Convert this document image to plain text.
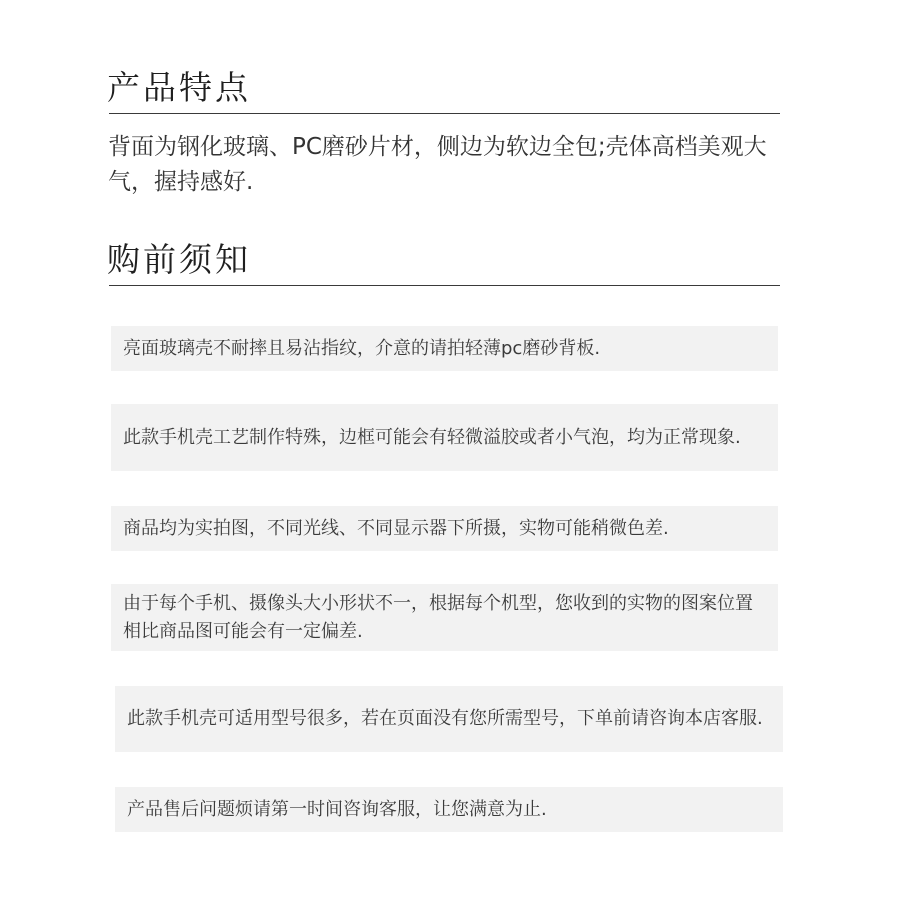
产品特点

背面为钢化玻璃、PC磨砂片材，侧边为软边全包;壳体高档美观大气，握持感好.

购前须知

亮面玻璃壳不耐摔且易沾指纹，介意的请拍轻薄pc磨砂背板.

此款手机壳工艺制作特殊，边框可能会有轻微溢胶或者小气泡，均为正常现象.

商品均为实拍图，不同光线、不同显示器下所摄，实物可能稍微色差.

由于每个手机、摄像头大小形状不一，根据每个机型，您收到的实物的图案位置相比商品图可能会有一定偏差.

此款手机壳可适用型号很多，若在页面没有您所需型号，下单前请咨询本店客服.

产品售后问题烦请第一时间咨询客服，让您满意为止.
